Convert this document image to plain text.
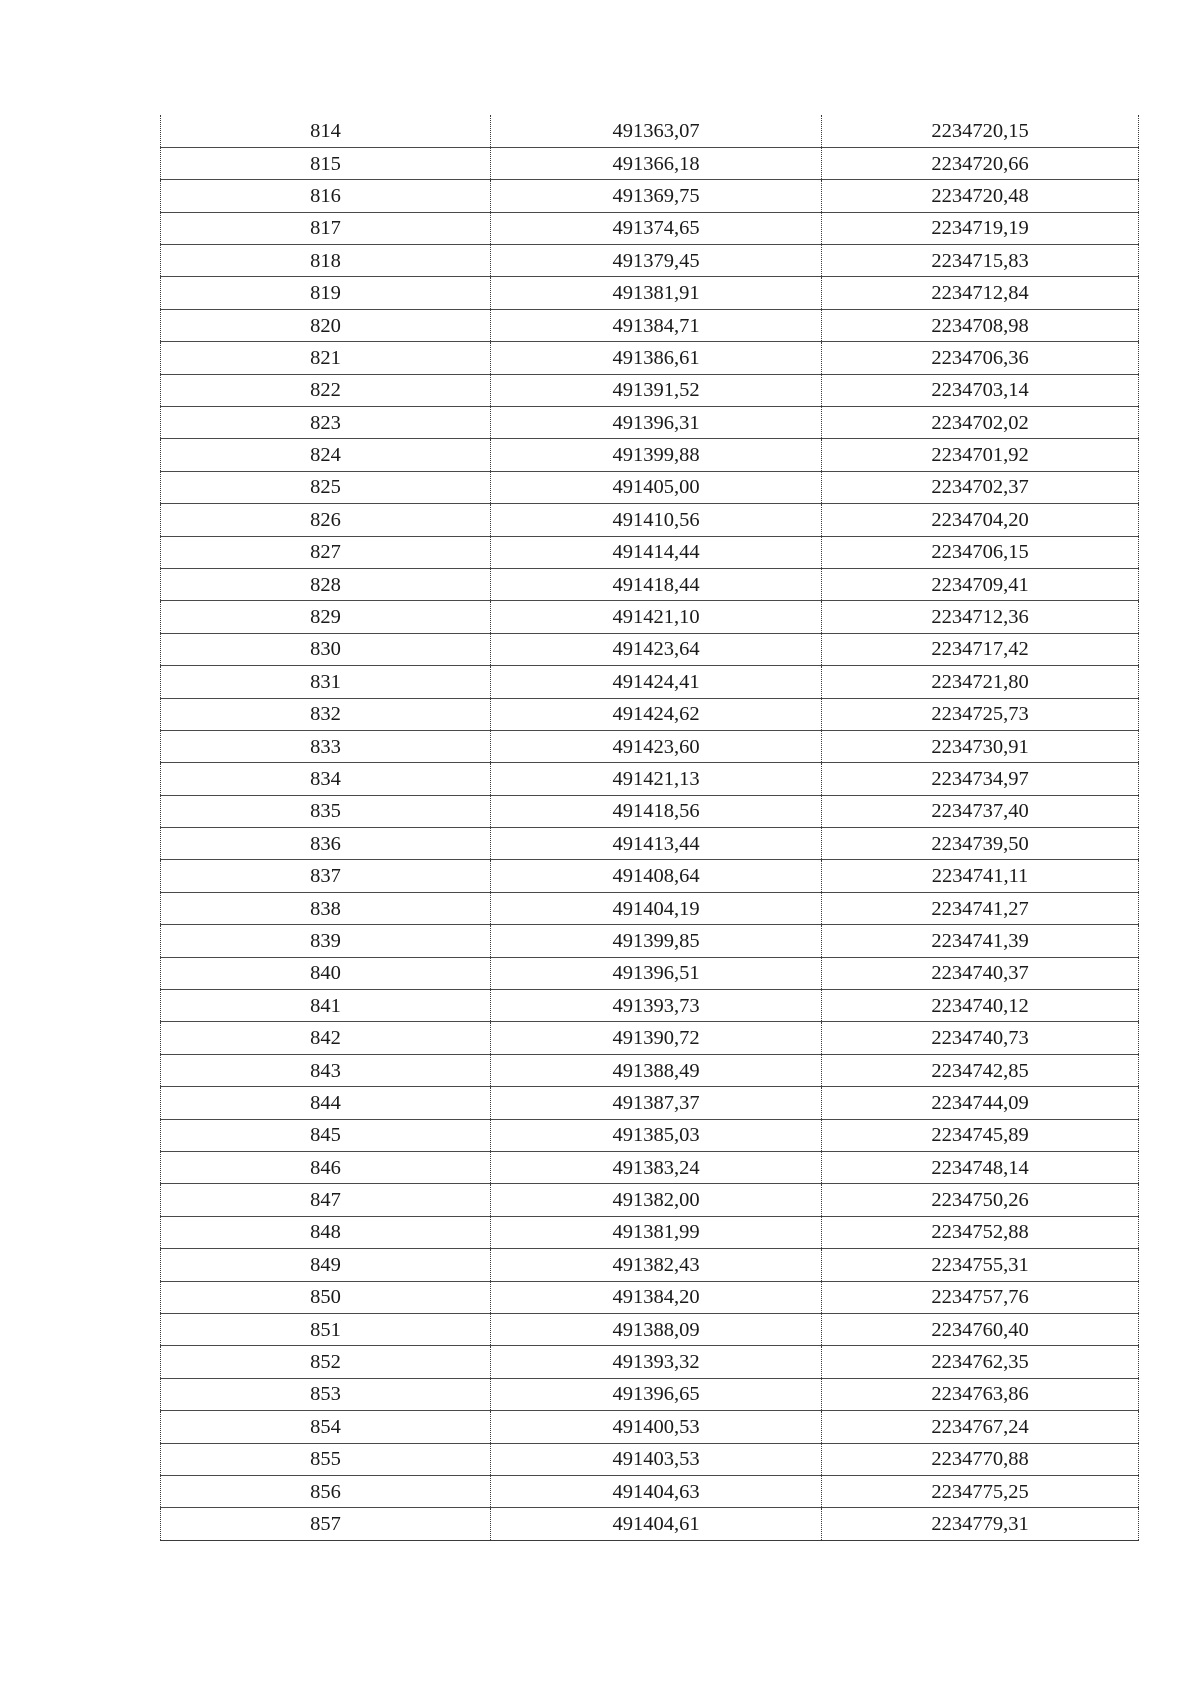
814	491363,07	2234720,15
815	491366,18	2234720,66
816	491369,75	2234720,48
817	491374,65	2234719,19
818	491379,45	2234715,83
819	491381,91	2234712,84
820	491384,71	2234708,98
821	491386,61	2234706,36
822	491391,52	2234703,14
823	491396,31	2234702,02
824	491399,88	2234701,92
825	491405,00	2234702,37
826	491410,56	2234704,20
827	491414,44	2234706,15
828	491418,44	2234709,41
829	491421,10	2234712,36
830	491423,64	2234717,42
831	491424,41	2234721,80
832	491424,62	2234725,73
833	491423,60	2234730,91
834	491421,13	2234734,97
835	491418,56	2234737,40
836	491413,44	2234739,50
837	491408,64	2234741,11
838	491404,19	2234741,27
839	491399,85	2234741,39
840	491396,51	2234740,37
841	491393,73	2234740,12
842	491390,72	2234740,73
843	491388,49	2234742,85
844	491387,37	2234744,09
845	491385,03	2234745,89
846	491383,24	2234748,14
847	491382,00	2234750,26
848	491381,99	2234752,88
849	491382,43	2234755,31
850	491384,20	2234757,76
851	491388,09	2234760,40
852	491393,32	2234762,35
853	491396,65	2234763,86
854	491400,53	2234767,24
855	491403,53	2234770,88
856	491404,63	2234775,25
857	491404,61	2234779,31
